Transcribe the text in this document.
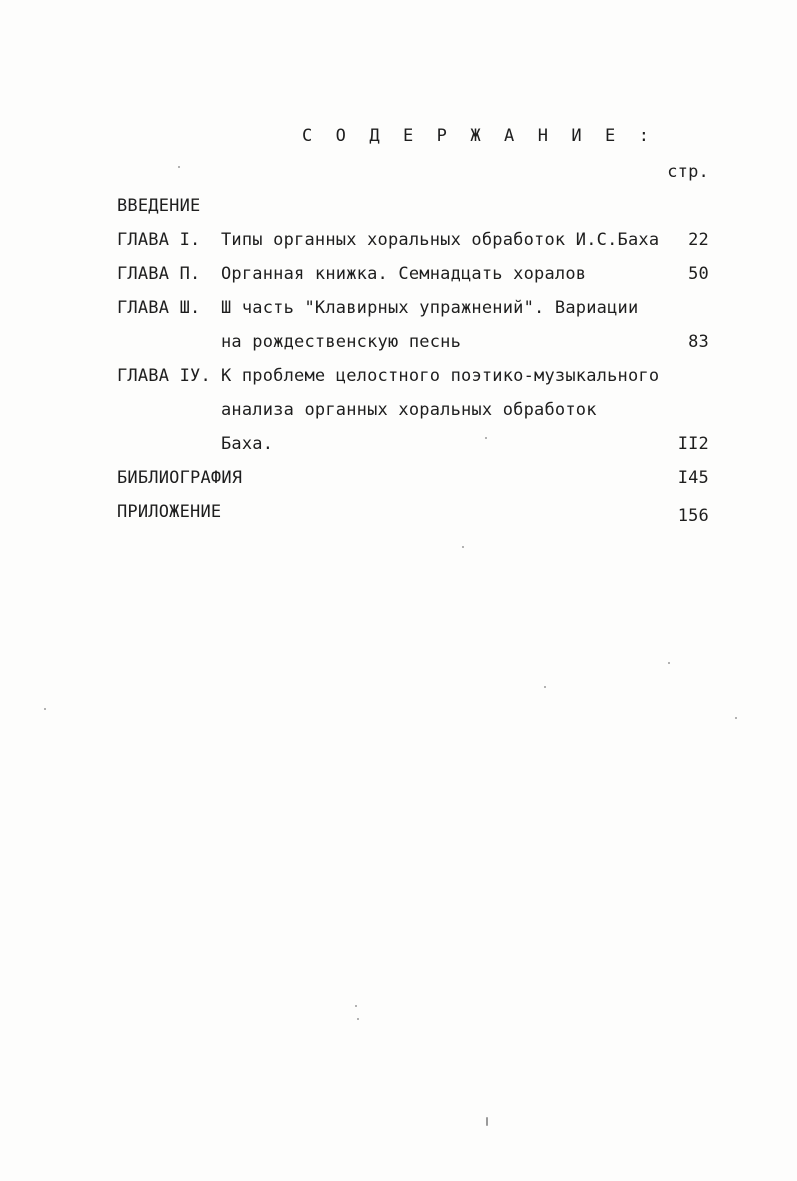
С О Д Е Р Ж А Н И Е :
стр.
ВВЕДЕНИЕ
ГЛАВА I. Типы органных хоральных обработок И.С.Баха 22
ГЛАВА П. Органная книжка. Семнадцать хоралов	50
ГЛАВА Ш. Ш часть "Клавирных упражнений". Вариации
на рождественскую песнь	83
ГЛАВА IУ. К проблеме целостного поэтико-музыкального
анализа органных хоральных обработок
Баха.	II2
БИБЛИОГРАФИЯ	I45
ПРИЛОЖЕНИЕ	156
